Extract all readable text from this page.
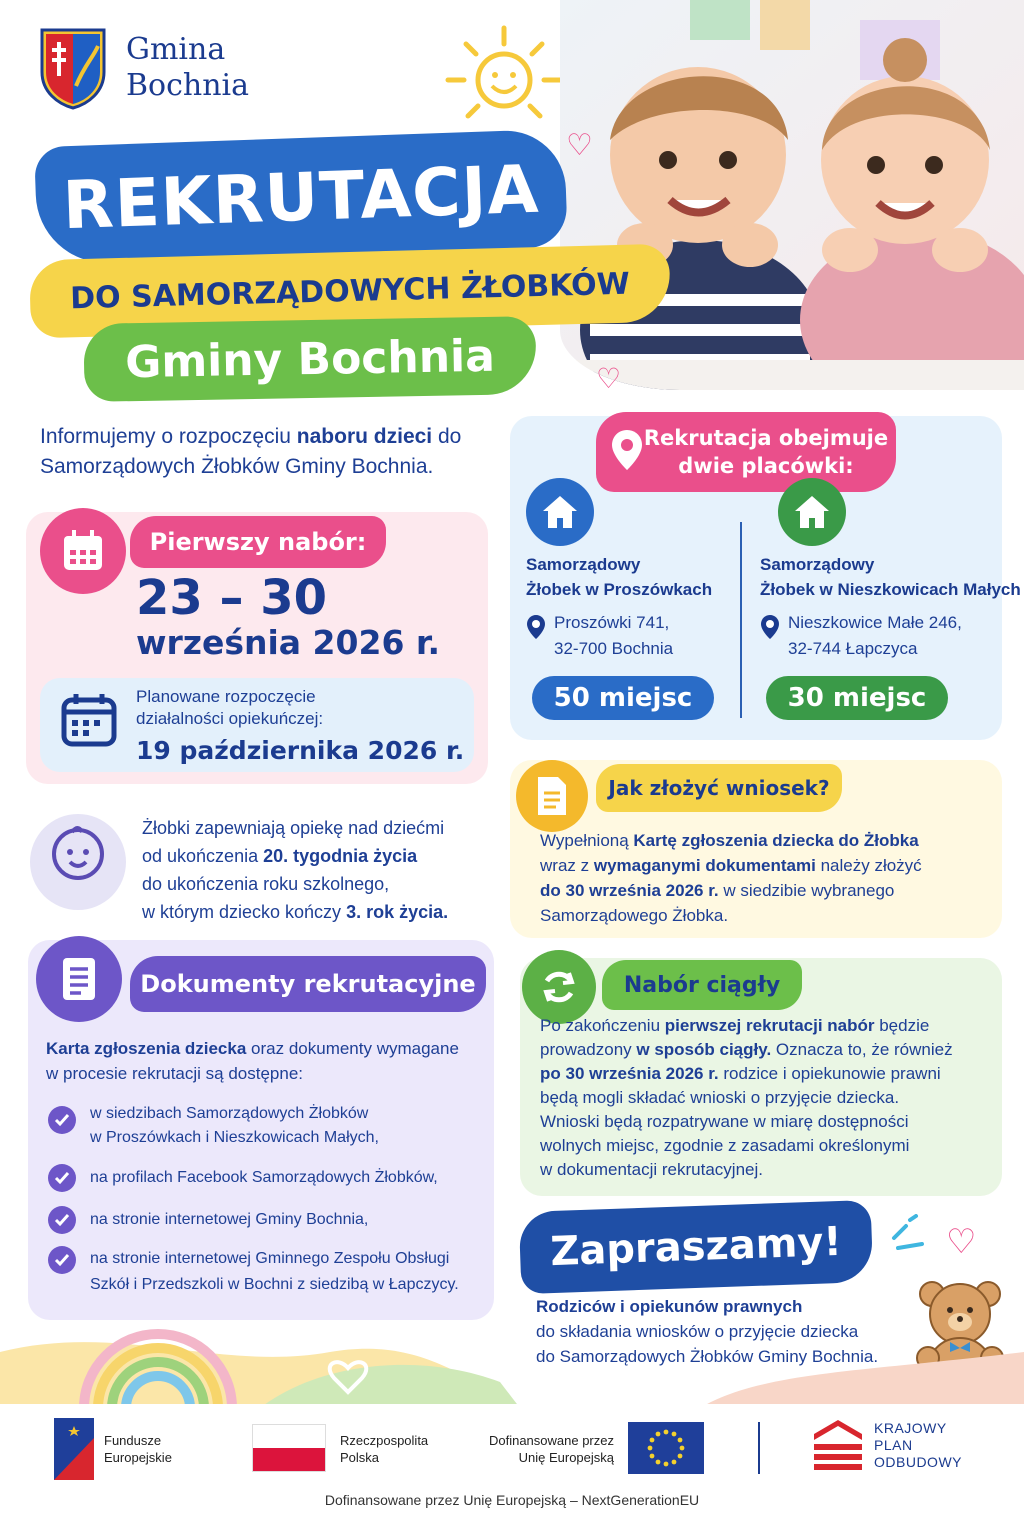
Gmina
Bochnia
♡
♡
REKRUTACJA
DO SAMORZĄDOWYCH ŻŁOBKÓW
Gminy Bochnia
Informujemy o rozpoczęciu naboru dzieci do Samorządowych Żłobków Gminy Bochnia.
Pierwszy nabór:
23 – 30
września 2026 r.
Planowane rozpoczęcie
działalności opiekuńczej:
19 października 2026 r.
Żłobki zapewniają opiekę nad dziećmi
od ukończenia 20. tygodnia życia
do ukończenia roku szkolnego,
w którym dziecko kończy 3. rok życia.
Rekrutacja obejmuje
dwie placówki:
Samorządowy
Żłobek w Proszówkach
Proszówki 741,
32-700 Bochnia
50 miejsc
Samorządowy
Żłobek w Nieszkowicach Małych
Nieszkowice Małe 246,
32-744 Łapczyca
30 miejsc
Jak złożyć wniosek?
Wypełnioną Kartę zgłoszenia dziecka do Żłobka
wraz z wymaganymi dokumentami należy złożyć
do 30 września 2026 r. w siedzibie wybranego
Samorządowego Żłobka.
Nabór ciągły
Po zakończeniu pierwszej rekrutacji nabór będzie
prowadzony w sposób ciągły. Oznacza to, że również
po 30 września 2026 r. rodzice i opiekunowie prawni
będą mogli składać wnioski o przyjęcie dziecka.
Wnioski będą rozpatrywane w miarę dostępności
wolnych miejsc, zgodnie z zasadami określonymi
w dokumentacji rekrutacyjnej.
Dokumenty rekrutacyjne
Karta zgłoszenia dziecka oraz dokumenty wymagane
w procesie rekrutacji są dostępne:
w siedzibach Samorządowych Żłobków
w Proszówkach i Nieszkowicach Małych,
na profilach Facebook Samorządowych Żłobków,
na stronie internetowej Gminy Bochnia,
na stronie internetowej Gminnego Zespołu Obsługi
Szkół i Przedszkoli w Bochni z siedzibą w Łapczycy.
Zapraszamy!	♡
Rodziców i opiekunów prawnych
do składania wniosków o przyjęcie dziecka
do Samorządowych Żłobków Gminy Bochnia.
Fundusze
Europejskie
Rzeczpospolita
Polska
Dofinansowane przez
Unię Europejską
KRAJOWY
PLAN
ODBUDOWY
Dofinansowane przez Unię Europejską – NextGenerationEU
